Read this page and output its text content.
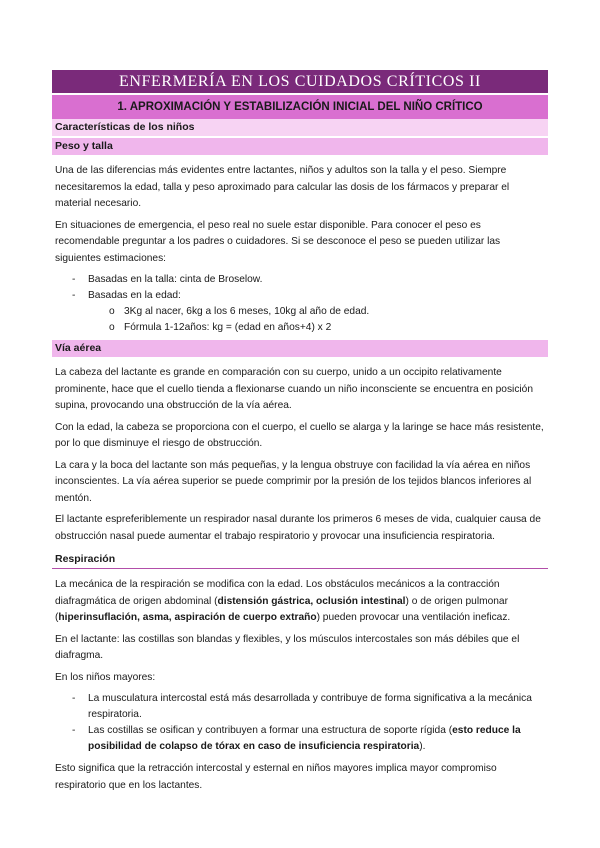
ENFERMERÍA EN LOS CUIDADOS CRÍTICOS II
1. APROXIMACIÓN Y ESTABILIZACIÓN INICIAL DEL NIÑO CRÍTICO
Características de los niños
Peso y talla

Una de las diferencias más evidentes entre lactantes, niños y adultos son la talla y el peso. Siempre necesitaremos la edad, talla y peso aproximado para calcular las dosis de los fármacos y preparar el material necesario.

En situaciones de emergencia, el peso real no suele estar disponible. Para conocer el peso es recomendable preguntar a los padres o cuidadores. Si se desconoce el peso se pueden utilizar las siguientes estimaciones:

- Basadas en la talla: cinta de Broselow.
- Basadas en la edad:
o 3Kg al nacer, 6kg a los 6 meses, 10kg al año de edad.
o Fórmula 1-12años: kg = (edad en años+4) x 2
Vía aérea

La cabeza del lactante es grande en comparación con su cuerpo, unido a un occipito relativamente prominente, hace que el cuello tienda a flexionarse cuando un niño inconsciente se encuentra en posición supina, provocando una obstrucción de la vía aérea.

Con la edad, la cabeza se proporciona con el cuerpo, el cuello se alarga y la laringe se hace más resistente, por lo que disminuye el riesgo de obstrucción.

La cara y la boca del lactante son más pequeñas, y la lengua obstruye con facilidad la vía aérea en niños inconscientes. La vía aérea superior se puede comprimir por la presión de los tejidos blancos inferiores al mentón.

El lactante espreferiblemente un respirador nasal durante los primeros 6 meses de vida, cualquier causa de obstrucción nasal puede aumentar el trabajo respiratorio y provocar una insuficiencia respiratoria.

Respiración

La mecánica de la respiración se modifica con la edad. Los obstáculos mecánicos a la contracción diafragmática de origen abdominal (distensión gástrica, oclusión intestinal) o de origen pulmonar (hiperinsuflación, asma, aspiración de cuerpo extraño) pueden provocar una ventilación ineficaz.

En el lactante: las costillas son blandas y flexibles, y los músculos intercostales son más débiles que el diafragma.

En los niños mayores:

- La musculatura intercostal está más desarrollada y contribuye de forma significativa a la mecánica respiratoria.
- Las costillas se osifican y contribuyen a formar una estructura de soporte rígida (esto reduce la posibilidad de colapso de tórax en caso de insuficiencia respiratoria).

Esto significa que la retracción intercostal y esternal en niños mayores implica mayor compromiso respiratorio que en los lactantes.
